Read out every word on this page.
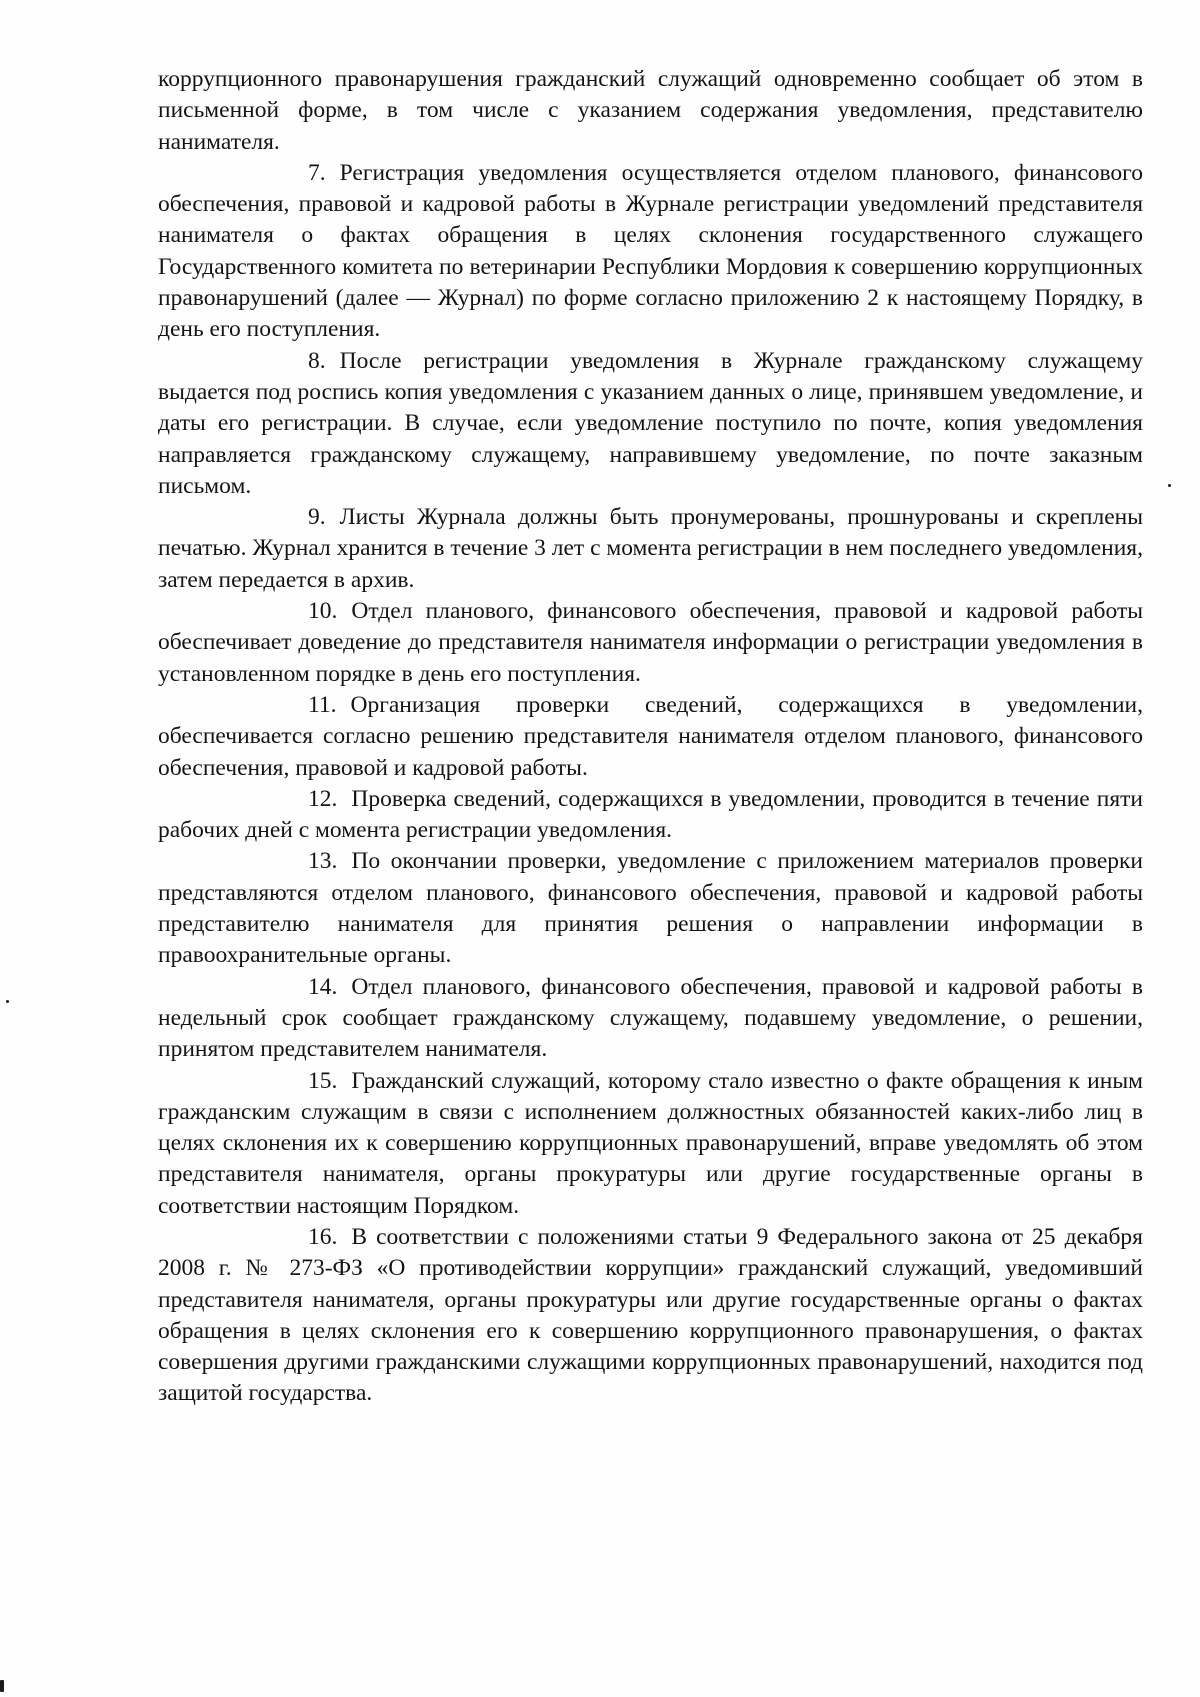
коррупционного правонарушения гражданский служащий одновременно сообщает об этом в письменной форме, в том числе с указанием содержания уведомления, представителю нанимателя.

7. Регистрация уведомления осуществляется отделом планового, финансового обеспечения, правовой и кадровой работы в Журнале регистрации уведомлений представителя нанимателя о фактах обращения в целях склонения государственного служащего Государственного комитета по ветеринарии Республики Мордовия к совершению коррупционных правонарушений (далее — Журнал) по форме согласно приложению 2 к настоящему Порядку, в день его поступления.

8. После регистрации уведомления в Журнале гражданскому служащему выдается под роспись копия уведомления с указанием данных о лице, принявшем уведомление, и даты его регистрации. В случае, если уведомление поступило по почте, копия уведомления направляется гражданскому служащему, направившему уведомление, по почте заказным письмом.

9. Листы Журнала должны быть пронумерованы, прошнурованы и скреплены печатью. Журнал хранится в течение 3 лет с момента регистрации в нем последнего уведомления, затем передается в архив.

10. Отдел планового, финансового обеспечения, правовой и кадровой работы обеспечивает доведение до представителя нанимателя информации о регистрации уведомления в установленном порядке в день его поступления.

11. Организация проверки сведений, содержащихся в уведомлении, обеспечивается согласно решению представителя нанимателя отделом планового, финансового обеспечения, правовой и кадровой работы.

12. Проверка сведений, содержащихся в уведомлении, проводится в течение пяти рабочих дней с момента регистрации уведомления.

13. По окончании проверки, уведомление с приложением материалов проверки представляются отделом планового, финансового обеспечения, правовой и кадровой работы представителю нанимателя для принятия решения о направлении информации в правоохранительные органы.

14. Отдел планового, финансового обеспечения, правовой и кадровой работы в недельный срок сообщает гражданскому служащему, подавшему уведомление, о решении, принятом представителем нанимателя.

15. Гражданский служащий, которому стало известно о факте обращения к иным гражданским служащим в связи с исполнением должностных обязанностей каких-либо лиц в целях склонения их к совершению коррупционных правонарушений, вправе уведомлять об этом представителя нанимателя, органы прокуратуры или другие государственные органы в соответствии настоящим Порядком.

16. В соответствии с положениями статьи 9 Федерального закона от 25 декабря 2008 г. № 273-ФЗ «О противодействии коррупции» гражданский служащий, уведомивший представителя нанимателя, органы прокуратуры или другие государственные органы о фактах обращения в целях склонения его к совершению коррупционного правонарушения, о фактах совершения другими гражданскими служащими коррупционных правонарушений, находится под защитой государства.
